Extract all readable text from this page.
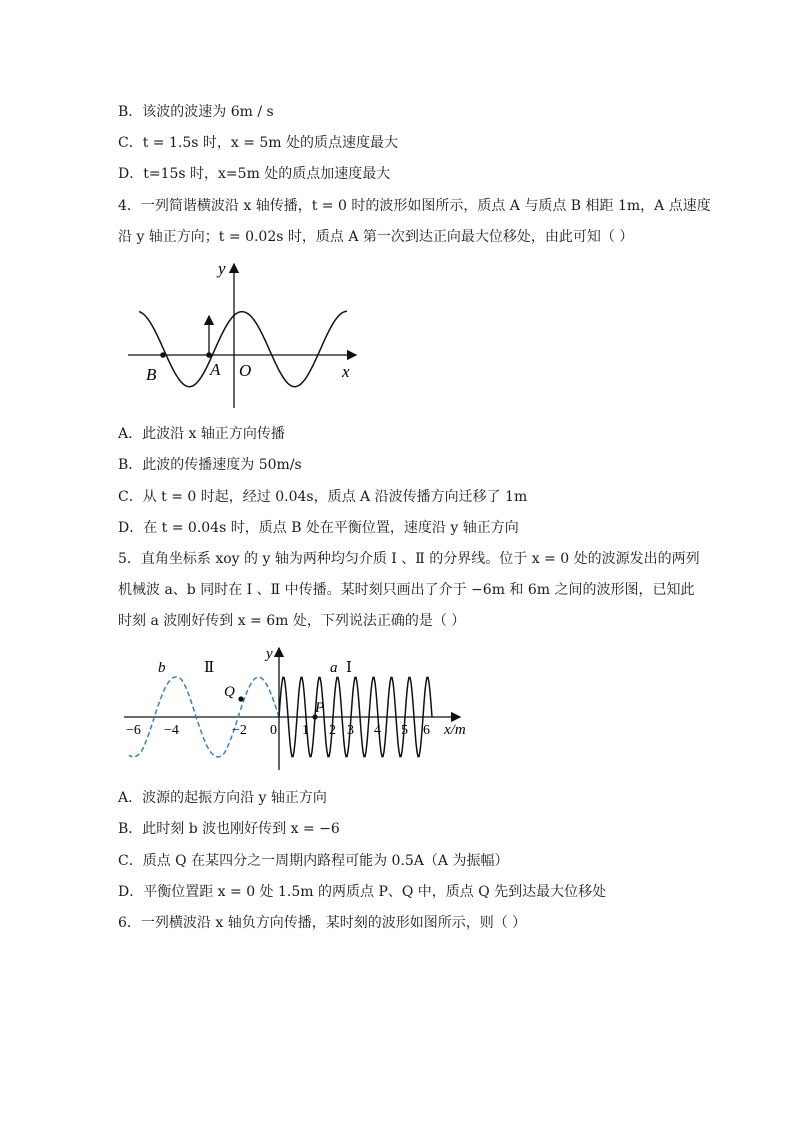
B．该波的波速为 6m / s
C．t = 1.5s 时，x = 5m 处的质点速度最大
D．t=15s 时，x=5m 处的质点加速度最大
4．一列简谐横波沿 x 轴传播，t = 0 时的波形如图所示，质点 A 与质点 B 相距 1m，A 点速度
沿 y 轴正方向；t = 0.02s 时，质点 A 第一次到达正向最大位移处，由此可知（ ）
y
x
B	A O
A．此波沿 x 轴正方向传播
B．此波的传播速度为 50m/s
C．从 t = 0 时起，经过 0.04s，质点 A 沿波传播方向迁移了 1m
D．在 t = 0.04s 时，质点 B 处在平衡位置，速度沿 y 轴正方向
5．直角坐标系 xoy 的 y 轴为两种均匀介质 Ⅰ 、Ⅱ 的分界线。位于 x = 0 处的波源发出的两列
机械波 a、b 同时在 Ⅰ 、Ⅱ 中传播。某时刻只画出了介于 −6m 和 6m 之间的波形图，已知此
时刻 a 波刚好传到 x = 6m 处，下列说法正确的是（ ）
y
x/m
b	Ⅱ	a Ⅰ
Q
P
−6 −4	−2 0 1 2 3 4 5 6
A．波源的起振方向沿 y 轴正方向
B．此时刻 b 波也刚好传到 x = −6
C．质点 Q 在某四分之一周期内路程可能为 0.5A（A 为振幅）
D．平衡位置距 x = 0 处 1.5m 的两质点 P、Q 中，质点 Q 先到达最大位移处
6．一列横波沿 x 轴负方向传播，某时刻的波形如图所示，则（ ）
